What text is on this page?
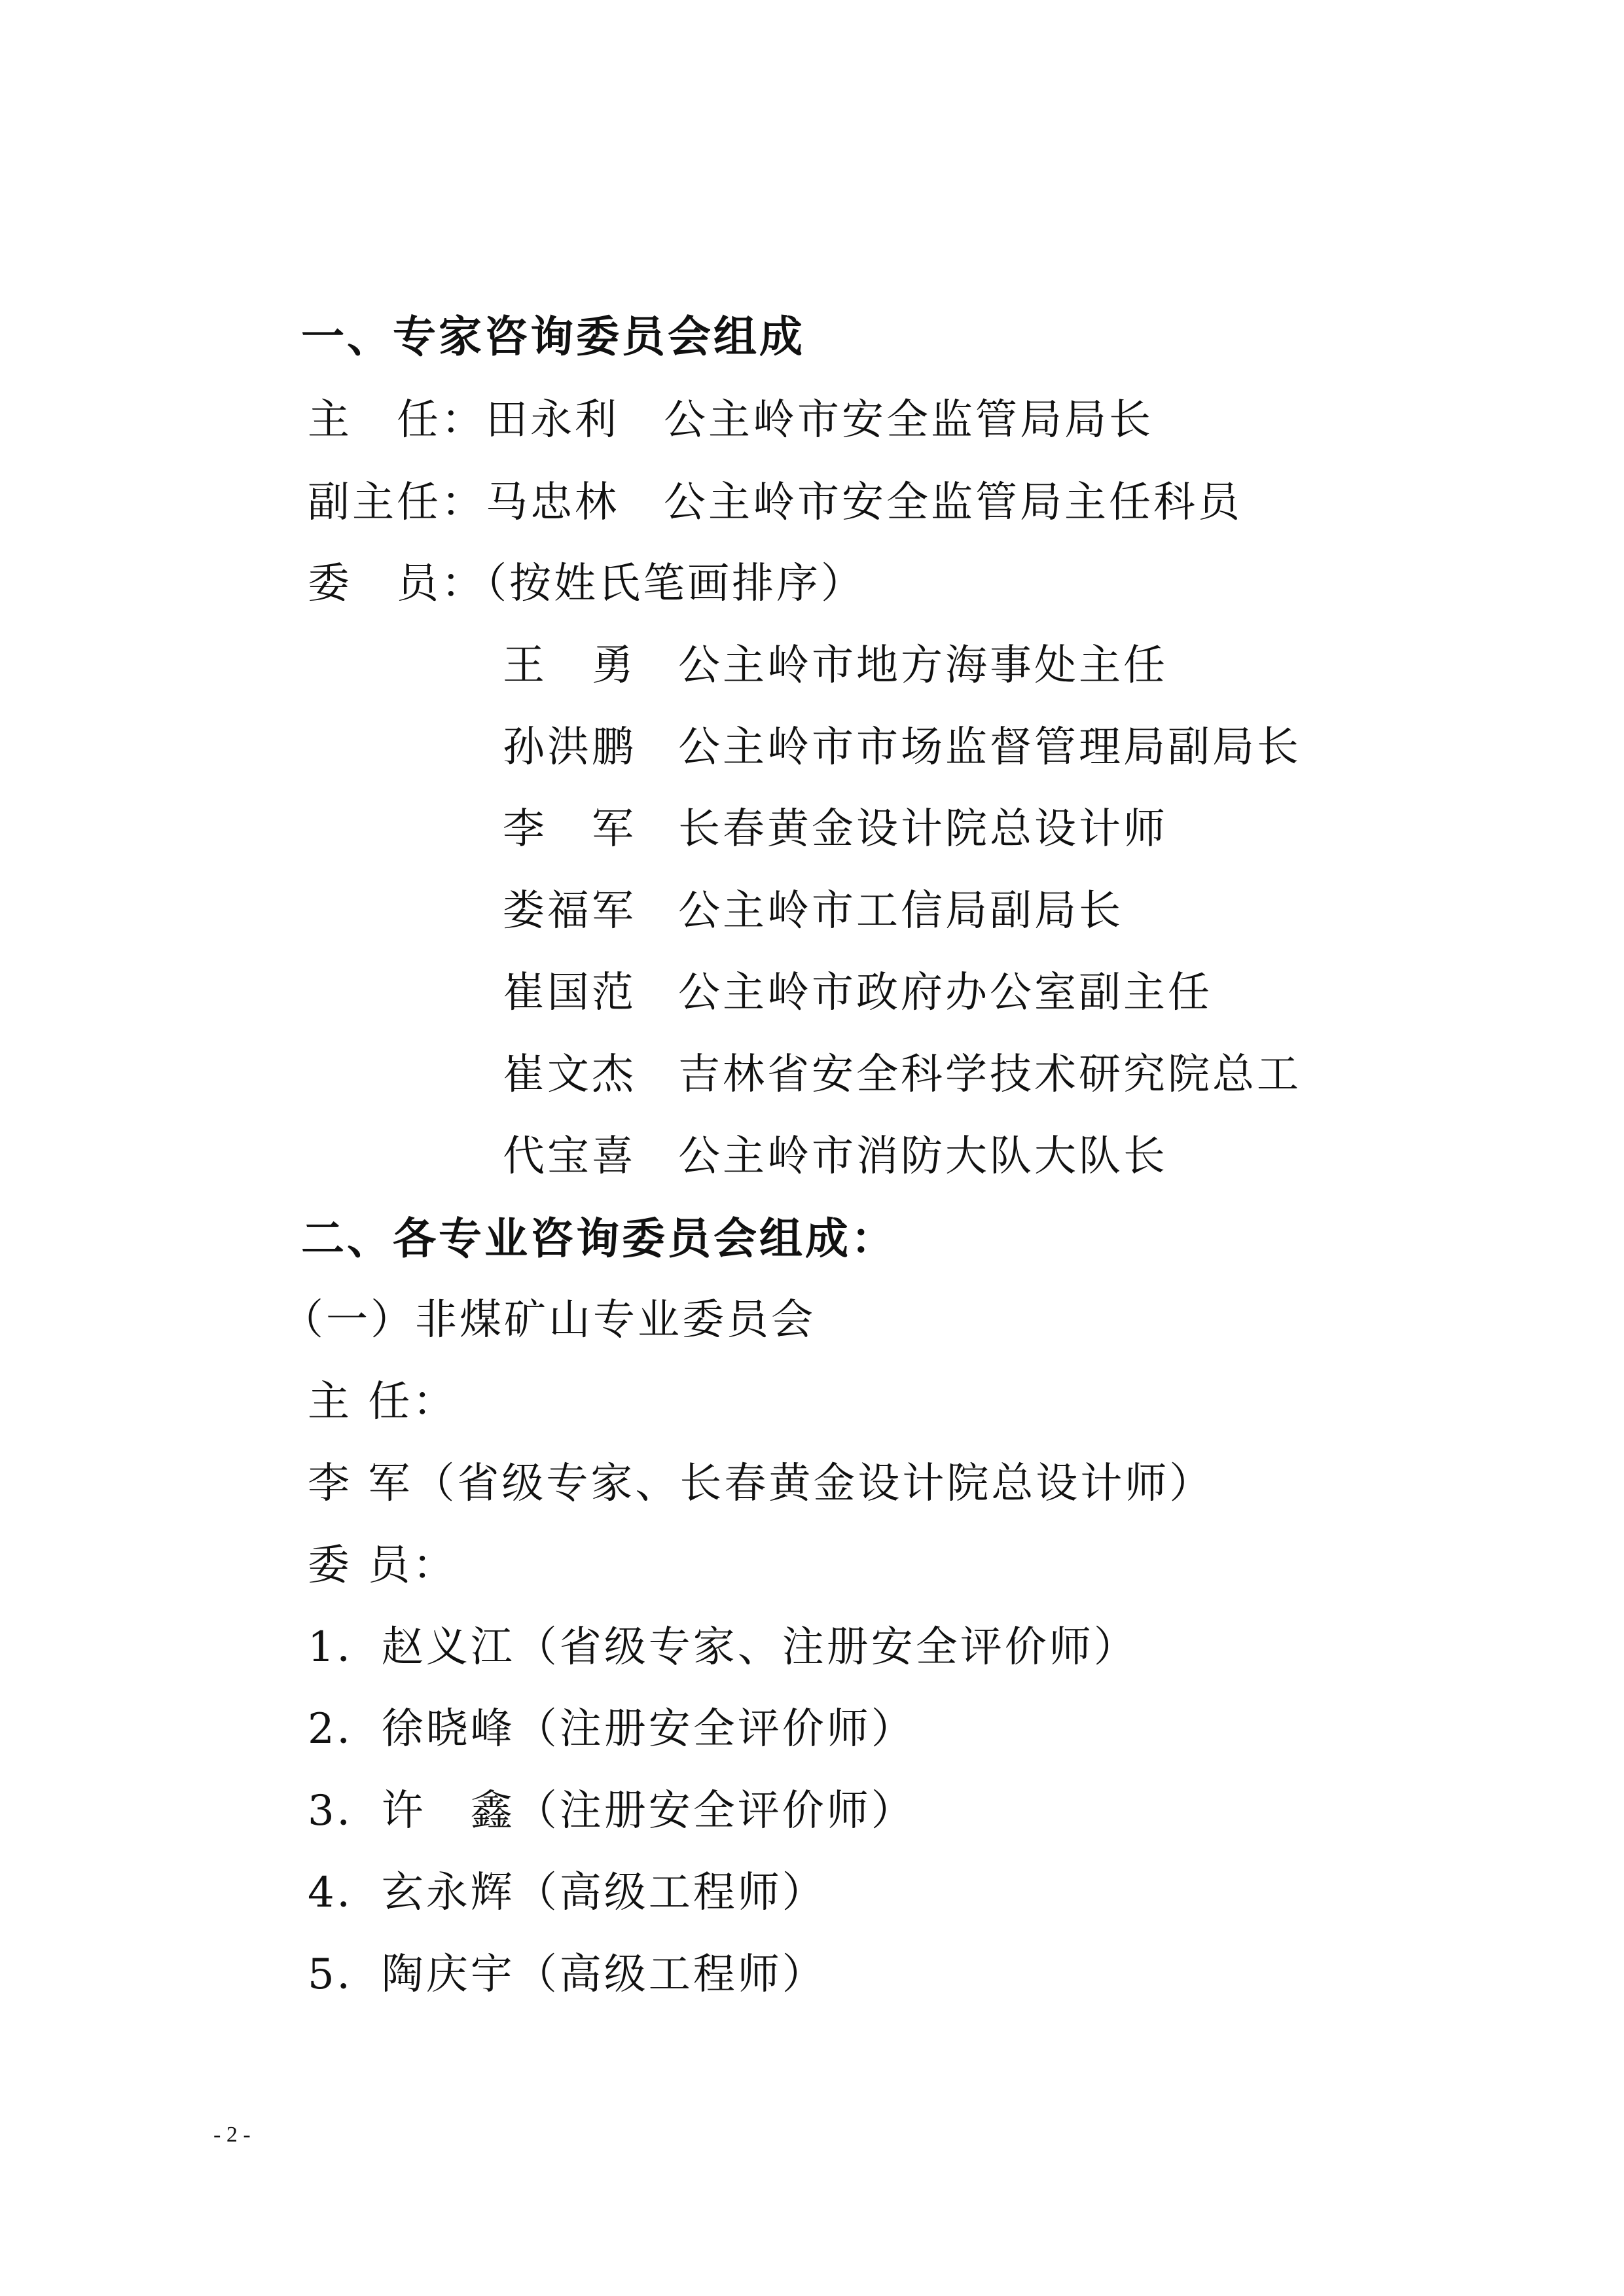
一、专家咨询委员会组成
主　任：田永利　公主岭市安全监管局局长
副主任：马忠林　公主岭市安全监管局主任科员
委　员：（按姓氏笔画排序）
王　勇 公主岭市地方海事处主任
孙洪鹏 公主岭市市场监督管理局副局长
李　军 长春黄金设计院总设计师
娄福军 公主岭市工信局副局长
崔国范 公主岭市政府办公室副主任
崔文杰 吉林省安全科学技术研究院总工
代宝喜 公主岭市消防大队大队长
二、各专业咨询委员会组成：
（一）非煤矿山专业委员会
主 任：
李 军（省级专家、长春黄金设计院总设计师）
委 员：
1．赵义江（省级专家、注册安全评价师）
2．徐晓峰（注册安全评价师）
3．许　鑫（注册安全评价师）
4．玄永辉（高级工程师）
5．陶庆宇（高级工程师）
- 2 -
